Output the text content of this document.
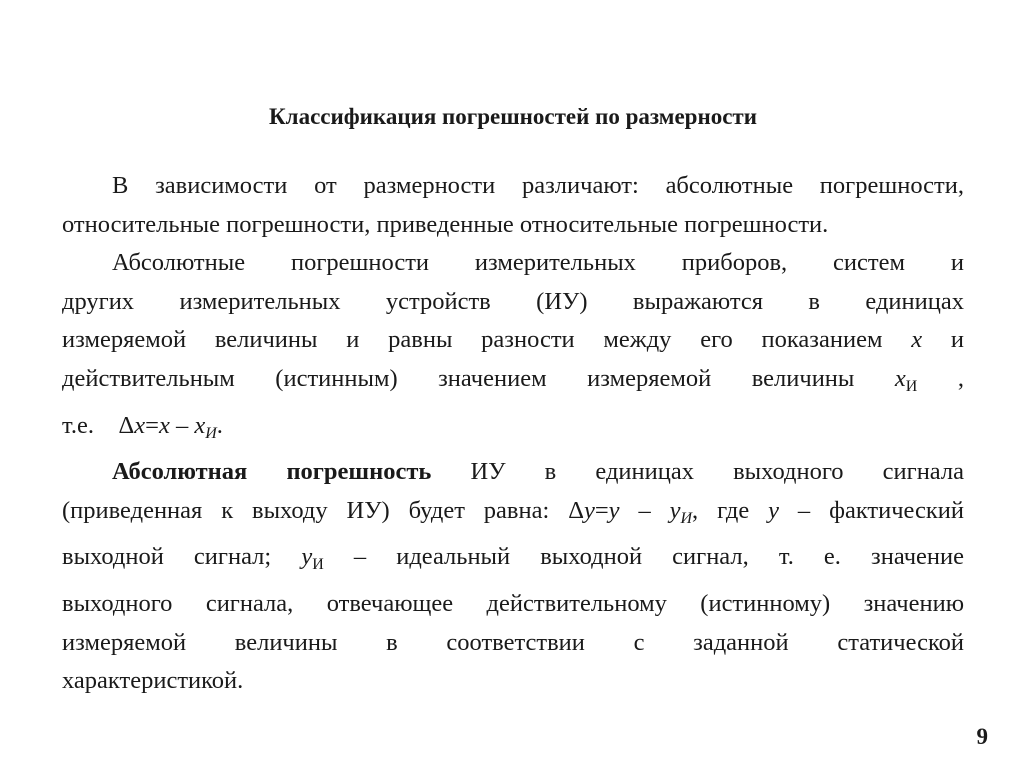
Классификация погрешностей по размерности
В зависимости от размерности различают: абсолютные погрешности,
относительные погрешности, приведенные относительные погрешности.
Абсолютные погрешности измерительных приборов, систем и
других измерительных устройств (ИУ) выражаются в единицах
измеряемой величины и равны разности между его показанием x и
действительным (истинным) значением измеряемой величины $x_И$ ,
т.е. $\Delta x=x - x_И$.
Абсолютная погрешность ИУ в единицах выходного сигнала
(приведенная к выходу ИУ) будет равна: $\Delta y=y - y_И$, где y – фактический
выходной сигнал; $y_И$ – идеальный выходной сигнал, т. е. значение
выходного сигнала, отвечающее действительному (истинному) значению
измеряемой величины в соответствии с заданной статической
характеристикой.
9
